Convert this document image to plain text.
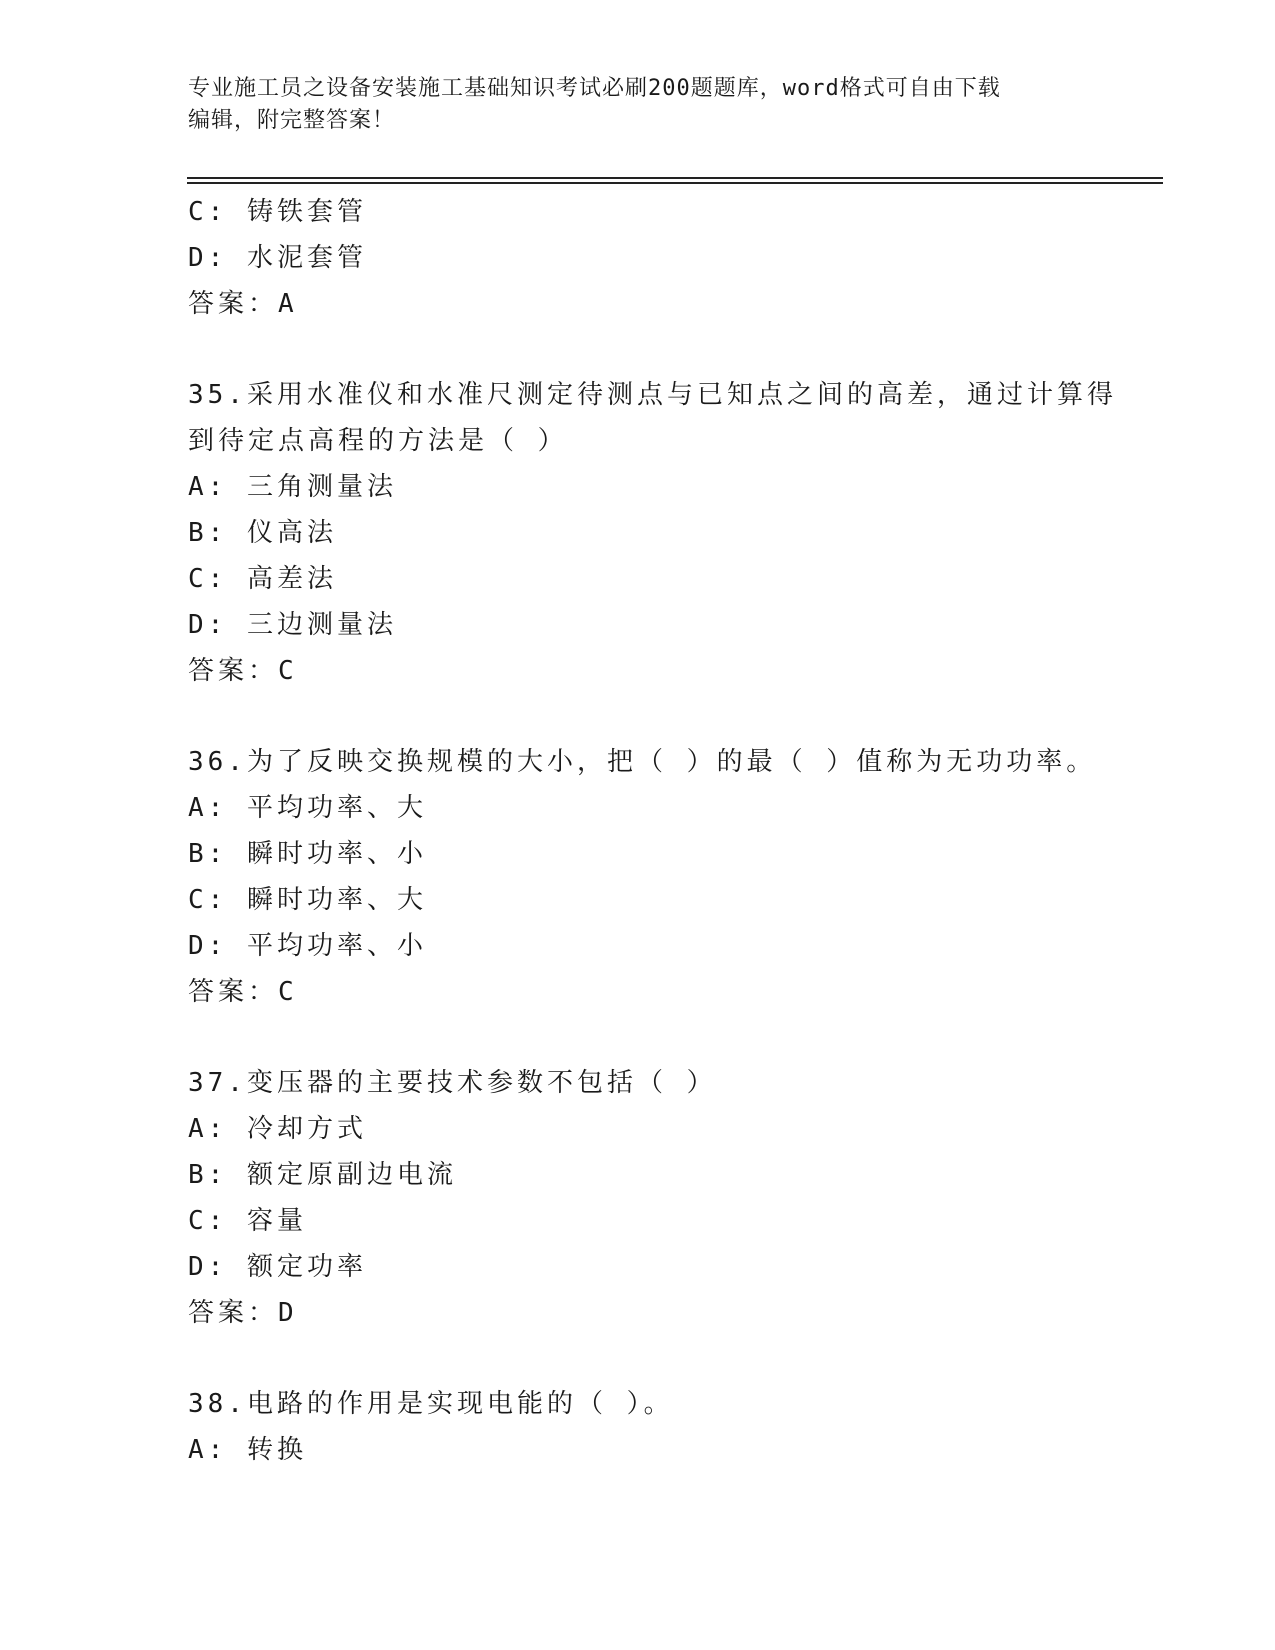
专业施工员之设备安装施工基础知识考试必刷200题题库，word格式可自由下载
编辑，附完整答案！
C: 铸铁套管
D: 水泥套管
答案：A
35.采用水准仪和水准尺测定待测点与已知点之间的高差，通过计算得
到待定点高程的方法是（ ）
A: 三角测量法
B: 仪高法
C: 高差法
D: 三边测量法
答案：C
36.为了反映交换规模的大小，把（ ）的最（ ）值称为无功功率。
A: 平均功率、大
B: 瞬时功率、小
C: 瞬时功率、大
D: 平均功率、小
答案：C
37.变压器的主要技术参数不包括（ ）
A: 冷却方式
B: 额定原副边电流
C: 容量
D: 额定功率
答案：D
38.电路的作用是实现电能的（ ）。
A: 转换
